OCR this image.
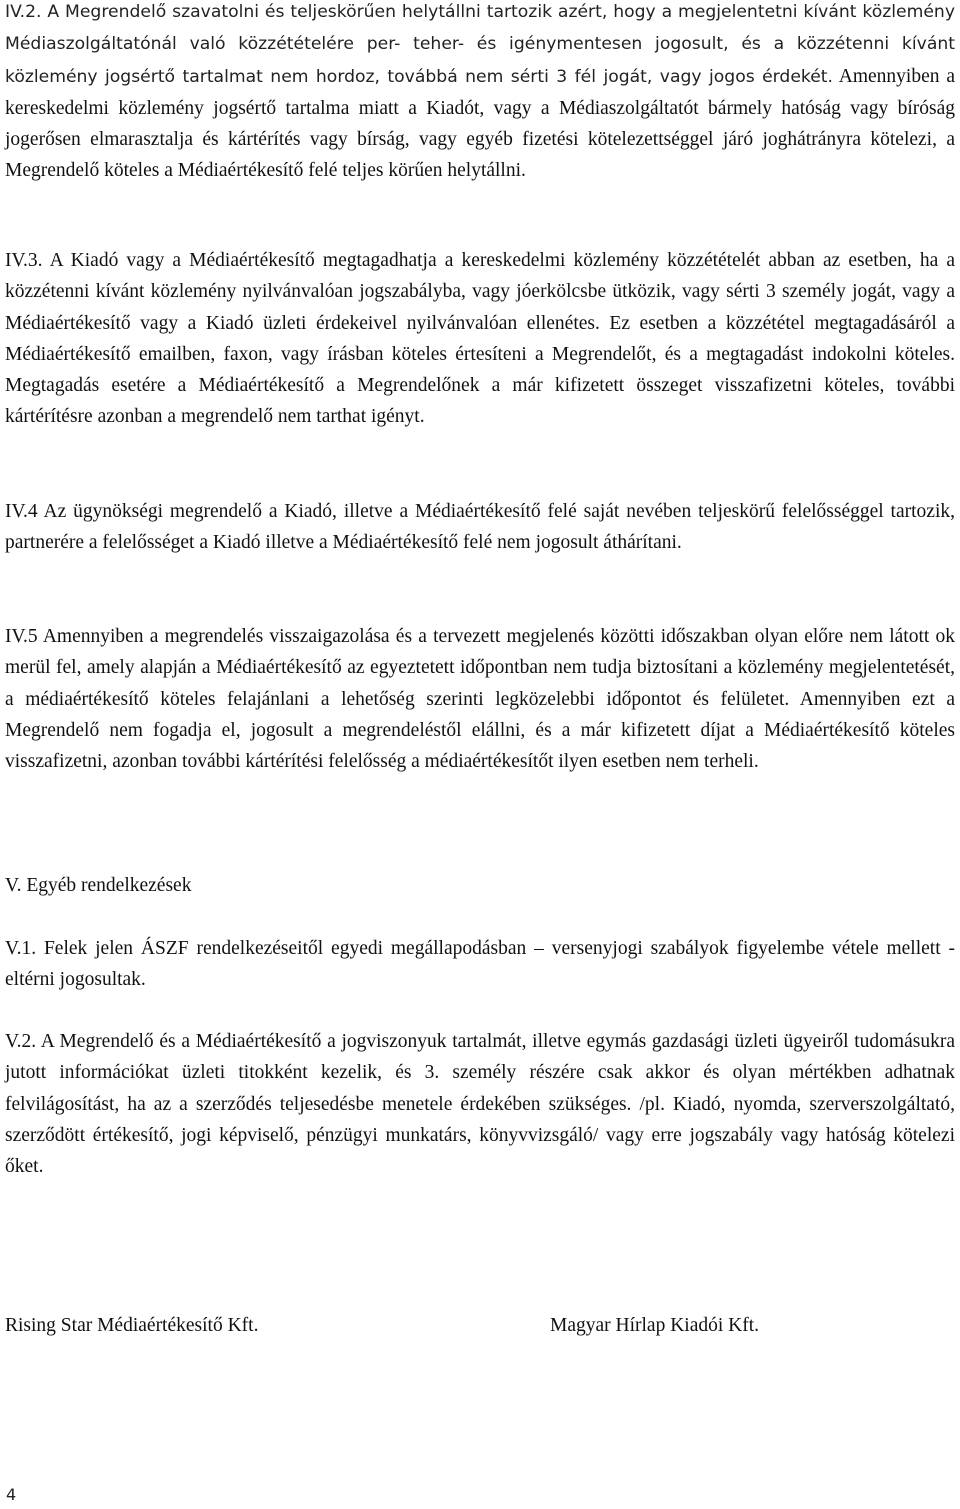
IV.2. A Megrendelő szavatolni és teljeskörűen helytállni tartozik azért, hogy a megjelentetni kívánt közlemény Médiaszolgáltatónál való közzétételére per- teher- és igénymentesen jogosult, és a közzétenni kívánt közlemény jogsértő tartalmat nem hordoz, továbbá nem sérti 3 fél jogát, vagy jogos érdekét. Amennyiben a kereskedelmi közlemény jogsértő tartalma miatt a Kiadót, vagy a Médiaszolgáltatót bármely hatóság vagy bíróság jogerősen elmarasztalja és kártérítés vagy bírság, vagy egyéb fizetési kötelezettséggel járó joghátrányra kötelezi, a Megrendelő köteles a Médiaértékesítő felé teljes körűen helytállni.

IV.3. A Kiadó vagy a Médiaértékesítő megtagadhatja a kereskedelmi közlemény közzétételét abban az esetben, ha a közzétenni kívánt közlemény nyilvánvalóan jogszabályba, vagy jóerkölcsbe ütközik, vagy sérti 3 személy jogát, vagy a Médiaértékesítő vagy a Kiadó üzleti érdekeivel nyilvánvalóan ellenétes. Ez esetben a közzététel megtagadásáról a Médiaértékesítő emailben, faxon, vagy írásban köteles értesíteni a Megrendelőt, és a megtagadást indokolni köteles. Megtagadás esetére a Médiaértékesítő a Megrendelőnek a már kifizetett összeget visszafizetni köteles, további kártérítésre azonban a megrendelő nem tarthat igényt.

IV.4 Az ügynökségi megrendelő a Kiadó, illetve a Médiaértékesítő felé saját nevében teljeskörű felelősséggel tartozik, partnerére a felelősséget a Kiadó illetve a Médiaértékesítő felé nem jogosult áthárítani.

IV.5 Amennyiben a megrendelés visszaigazolása és a tervezett megjelenés közötti időszakban olyan előre nem látott ok merül fel, amely alapján a Médiaértékesítő az egyeztetett időpontban nem tudja biztosítani a közlemény megjelentetését, a médiaértékesítő köteles felajánlani a lehetőség szerinti legközelebbi időpontot és felületet. Amennyiben ezt a Megrendelő nem fogadja el, jogosult a megrendeléstől elállni, és a már kifizetett díjat a Médiaértékesítő köteles visszafizetni, azonban további kártérítési felelősség a médiaértékesítőt ilyen esetben nem terheli.

V. Egyéb rendelkezések

V.1. Felek jelen ÁSZF rendelkezéseitől egyedi megállapodásban – versenyjogi szabályok figyelembe vétele mellett - eltérni jogosultak.

V.2. A Megrendelő és a Médiaértékesítő a jogviszonyuk tartalmát, illetve egymás gazdasági üzleti ügyeiről tudomásukra jutott információkat üzleti titokként kezelik, és 3. személy részére csak akkor és olyan mértékben adhatnak felvilágosítást, ha az a szerződés teljesedésbe menetele érdekében szükséges. /pl. Kiadó, nyomda, szerverszolgáltató, szerződött értékesítő, jogi képviselő, pénzügyi munkatárs, könyvvizsgáló/ vagy erre jogszabály vagy hatóság kötelezi őket.

Rising Star Médiaértékesítő Kft.	Magyar Hírlap Kiadói Kft.

4
